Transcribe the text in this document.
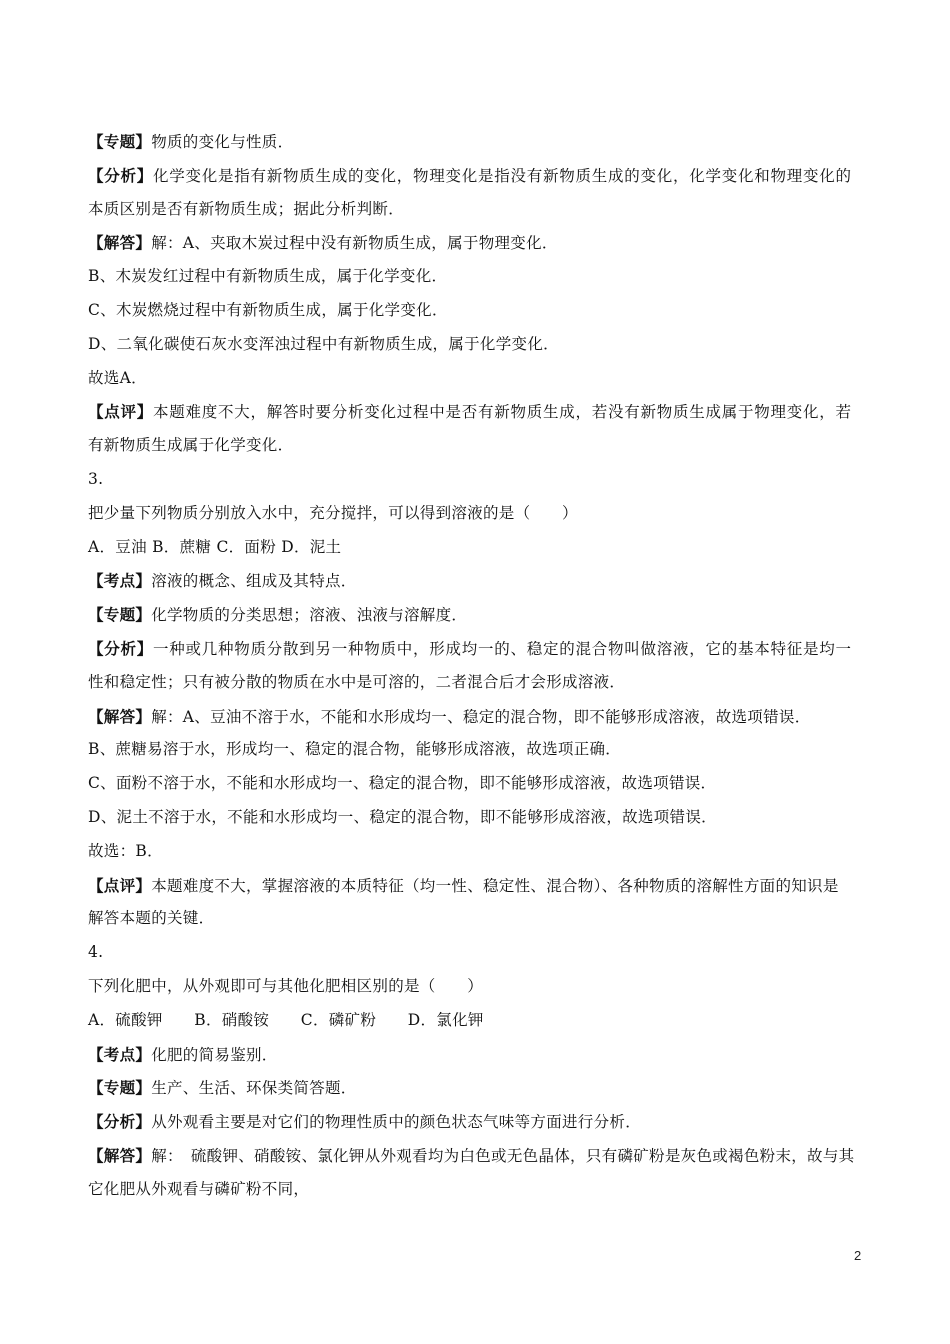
【专题】物质的变化与性质．
【分析】化学变化是指有新物质生成的变化，物理变化是指没有新物质生成的变化，化学变化和物理变化的
本质区别是否有新物质生成；据此分析判断．
【解答】解：A、夹取木炭过程中没有新物质生成，属于物理变化．
B、木炭发红过程中有新物质生成，属于化学变化．
C、木炭燃烧过程中有新物质生成，属于化学变化．
D、二氧化碳使石灰水变浑浊过程中有新物质生成，属于化学变化．
故选A．
【点评】本题难度不大，解答时要分析变化过程中是否有新物质生成，若没有新物质生成属于物理变化，若
有新物质生成属于化学变化．
3.
把少量下列物质分别放入水中，充分搅拌，可以得到溶液的是（　　）
A．豆油 B．蔗糖 C．面粉 D．泥土
【考点】溶液的概念、组成及其特点．
【专题】化学物质的分类思想；溶液、浊液与溶解度．
【分析】一种或几种物质分散到另一种物质中，形成均一的、稳定的混合物叫做溶液，它的基本特征是均一
性和稳定性；只有被分散的物质在水中是可溶的，二者混合后才会形成溶液．
【解答】解：A、豆油不溶于水，不能和水形成均一、稳定的混合物，即不能够形成溶液，故选项错误．
B、蔗糖易溶于水，形成均一、稳定的混合物，能够形成溶液，故选项正确．
C、面粉不溶于水，不能和水形成均一、稳定的混合物，即不能够形成溶液，故选项错误．
D、泥土不溶于水，不能和水形成均一、稳定的混合物，即不能够形成溶液，故选项错误．
故选：B．
【点评】本题难度不大，掌握溶液的本质特征（均一性、稳定性、混合物）、各种物质的溶解性方面的知识是
解答本题的关键．
4.
下列化肥中，从外观即可与其他化肥相区别的是（　　）
A．硫酸钾　　B．硝酸铵　　C．磷矿粉　　D．氯化钾
【考点】化肥的简易鉴别．
【专题】生产、生活、环保类简答题．
【分析】从外观看主要是对它们的物理性质中的颜色状态气味等方面进行分析．
【解答】解：　硫酸钾、硝酸铵、氯化钾从外观看均为白色或无色晶体，只有磷矿粉是灰色或褐色粉末，故与其
它化肥从外观看与磷矿粉不同，
2
